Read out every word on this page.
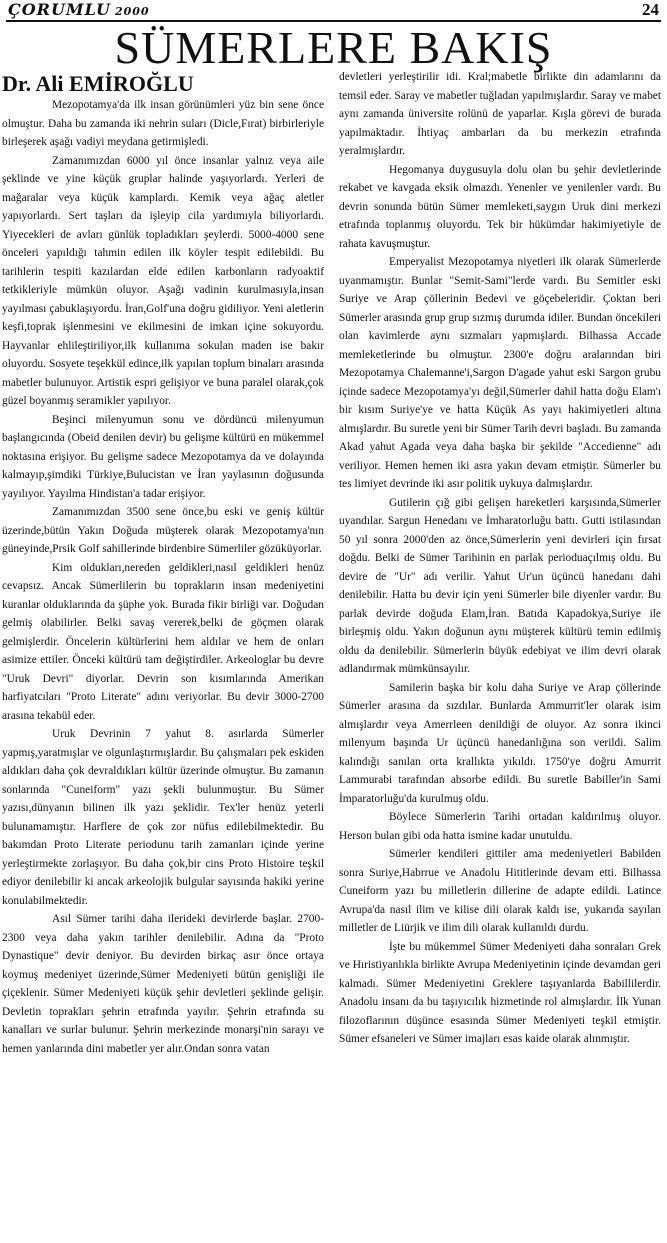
ÇORUMLU 2000	24
SÜMERLERE BAKIŞ
Dr. Ali EMİROĞLU

Mezopotamya'da ilk insan görünümleri yüz bin sene önce olmuştur. Daha bu zamanda iki nehrin suları (Dicle,Fırat) birbirleriyle birleşerek aşağı vadiyi meydana getirmişledi.

Zamanımızdan 6000 yıl önce insanlar yalnız veya aile şeklinde ve yine küçük gruplar halinde yaşıyorlardı. Yerleri de mağaralar veya küçük kamplardı. Kemik veya ağaç aletler yapıyorlardı. Sert taşları da işleyip cila yardımıyla biliyorlardı. Yiyecekleri de avları günlük topladıkları şeylerdi. 5000-4000 sene önceleri yapıldığı tahmin edilen ilk köyler tespit edilebildi. Bu tarihlerin tespiti kazılardan elde edilen karbonların radyoaktif tetkikleriyle mümkün oluyor. Aşağı vadinin kurulmasıyla,insan yayılması çabuklaşıyordu. İran,Golf'una doğru gidiliyor. Yeni aletlerin keşfi,toprak işlenmesini ve ekilmesini de imkan içine sokuyordu. Hayvanlar ehlileştiriliyor,ilk kullanıma sokulan maden ise bakır oluyordu. Sosyete teşekkül edince,ilk yapılan toplum binaları arasında mabetler bulunuyor. Artistik espri gelişiyor ve buna paralel olarak,çok güzel boyanmış seramikler yapılıyor.

Beşinci milenyumun sonu ve dördüncü milenyumun başlangıcında (Obeid denilen devir) bu gelişme kültürü en mükemmel noktasına erişiyor. Bu gelişme sadece Mezopotamya da ve dolayında kalmayıp,şimdiki Türkiye,Bulucistan ve İran yaylasının doğusunda yayılıyor. Yayılma Hindistan'a tadar erişiyor.

Zamanımızdan 3500 sene önce,bu eski ve geniş kültür üzerinde,bütün Yakın Doğuda müşterek olarak Mezopotamya'nın güneyinde,Prsik Golf sahillerinde birdenbire Sümerliler gözüküyorlar.

Kim oldukları,nereden geldikleri,nasıl geldikleri henüz cevapsız. Ancak Sümerlilerin bu toprakların insan medeniyetini kuranlar olduklarında da şüphe yok. Burada fikir birliği var. Doğudan gelmiş olabilirler. Belki savaş vererek,belki de göçmen olarak gelmişlerdir. Öncelerin kültürlerini hem aldılar ve hem de onları asimize ettiler. Önceki kültürü tam değiştirdiler. Arkeologlar bu devre "Uruk Devri" diyorlar. Devrin son kısımlarında Amerikan harfiyatcıları "Proto Literate" adını veriyorlar. Bu devir 3000-2700 arasına tekabül eder.

Uruk Devrinin 7 yahut 8. asırlarda Sümerler yapmış,yaratmışlar ve olgunlaştırmışlardır. Bu çalışmaları pek eskiden aldıkları daha çok devraldıkları kültür üzerinde olmuştur. Bu zamanın sonlarında "Cuneiform" yazı şekli bulunmuştur. Bu Sümer yazısı,dünyanın bilinen ilk yazı şeklidir. Tex'ler henüz yeterli bulunamamıştır. Harflere de çok zor nüfus edilebilmektedir. Bu bakımdan Proto Literate periodunu tarih zamanları içinde yerine yerleştirmekte zorlaşıyor. Bu daha çok,bir cins Proto Histoire teşkil ediyor denilebilir ki ancak arkeolojik bulgular sayısında hakiki yerine konulabilmektedir.

Asıl Sümer tarihi daha ilerideki devirlerde başlar. 2700-2300 veya daha yakın tarihler denilebilir. Adına da "Proto Dynastique" devir deniyor. Bu devirden birkaç asır önce ortaya koymuş medeniyet üzerinde,Sümer Medeniyeti bütün genişliği ile çiçeklenir. Sümer Medeniyeti küçük şehir devletleri şeklinde gelişir. Devletin toprakları şehrin etrafında yayılır. Şehrin etrafında su kanalları ve surlar bulunur. Şehrin merkezinde monarşi'nin sarayı ve hemen yanlarında dini mabetler yer alır.Ondan sonra vatan

devletleri yerleştirilir idi. Kral;mabetle birlikte din adamlarını da temsil eder. Saray ve mabetler tuğladan yapılmışlardır. Saray ve mabet aynı zamanda üniversite rolünü de yaparlar. Kışla görevi de burada yapılmaktadır. İhtiyaç ambarları da bu merkezin etrafında yeralmışlardır.

Hegomanya duygusuyla dolu olan bu şehir devletlerinde rekabet ve kavgada eksik olmazdı. Yenenler ve yenilenler vardı. Bu devrin sonunda bütün Sümer memleketi,saygın Uruk dini merkezi etrafında toplanmış oluyordu. Tek bir hükümdar hakimiyetiyle de rahata kavuşmuştur.

Emperyalist Mezopotamya niyetleri ilk olarak Sümerlerde uyanmamıştır. Bunlar "Semit-Sami"lerde vardı. Bu Semitler eski Suriye ve Arap çöllerinin Bedevi ve göçebeleridir. Çoktan beri Sümerler arasında grup grup sızmış durumda idiler. Bundan öncekileri olan kavimlerde aynı sızmaları yapmışlardı. Bilhassa Accade memleketlerinde bu olmuştur. 2300'e doğru aralarından biri Mezopotamya Chalemanne'i,Sargon D'agade yahut eski Sargon grubu içinde sadece Mezopotamya'yı değil,Sümerler dahil hatta doğu Elam'ı bir kısım Suriye'ye ve hatta Küçük As yayı hakimiyetleri altına almışlardır. Bu suretle yeni bir Sümer Tarih devri başladı. Bu zamanda Akad yahut Agada veya daha başka bir şekilde "Accedienne" adı veriliyor. Hemen hemen iki asra yakın devam etmiştir. Sümerler bu tes limiyet devrinde iki asır politik uykuya dalmışlardır.

Gutilerin çığ gibi gelişen hareketleri karşısında,Sümerler uyandılar. Sargun Henedanı ve İmharatorluğu battı. Gutti istilasından 50 yıl sonra 2000'den az önce,Sümerlerin yeni devirleri için fırsat doğdu. Belki de Sümer Tarihinin en parlak perioduaçılmış oldu. Bu devire de "Ur" adı verilir. Yahut Ur'un üçüncü hanedanı dahi denilebilir. Hatta bu devir için yeni Sümerler bile diyenler vardır. Bu parlak devirde doğuda Elam,İran. Batıda Kapadokya,Suriye ile birleşmiş oldu. Yakın doğunun aynı müşterek kültürü temin edilmiş oldu da denilebilir. Sümerlerin büyük edebiyat ve ilim devri olarak adlandırmak mümkünsayılır.

Samilerin başka bir kolu daha Suriye ve Arap çöllerinde Sümerler arasına da sızdılar. Bunlarda Ammurrit'ler olarak isim almışlardır veya Amerrleen denildiği de oluyor. Az sonra ikinci milenyum başında Ur üçüncü hanedanlığına son verildi. Salim kalındığı sanılan orta krallıkta yıkıldı. 1750'ye doğru Amurrit Lammurabi tarafından absorbe edildi. Bu suretle Babiller'in Sami İmparatorluğu'da kurulmuş oldu.

Böylece Sümerlerin Tarihi ortadan kaldırılmış oluyor. Herson bulan gibi oda hatta ismine kadar unutuldu.

Sümerler kendileri gittiler ama medeniyetleri Babilden sonra Suriye,Habrrue ve Anadolu Hititlerinde devam etti. Bilhassa Cuneiform yazı bu milletlerin dillerine de adapte edildi. Latince Avrupa'da nasıl ilim ve kilise dili olarak kaldı ise, yukarıda sayılan milletler de Liürjik ve ilim dili olarak kullanıldı durdu.

İşte bu mükemmel Sümer Medeniyeti daha sonraları Grek ve Hıristiyanlıkla birlikte Avrupa Medeniyetinin içinde devamdan geri kalmadı. Sümer Medeniyetini Greklere taşıyanlarda Babillilerdir. Anadolu insanı da bu taşıyıcılık hizmetinde rol almışlardır. İlk Yunan filozoflarının düşünce esasında Sümer Medeniyeti teşkil etmiştir. Sümer efsaneleri ve Sümer imajları esas kaide olarak alınmıştır.
